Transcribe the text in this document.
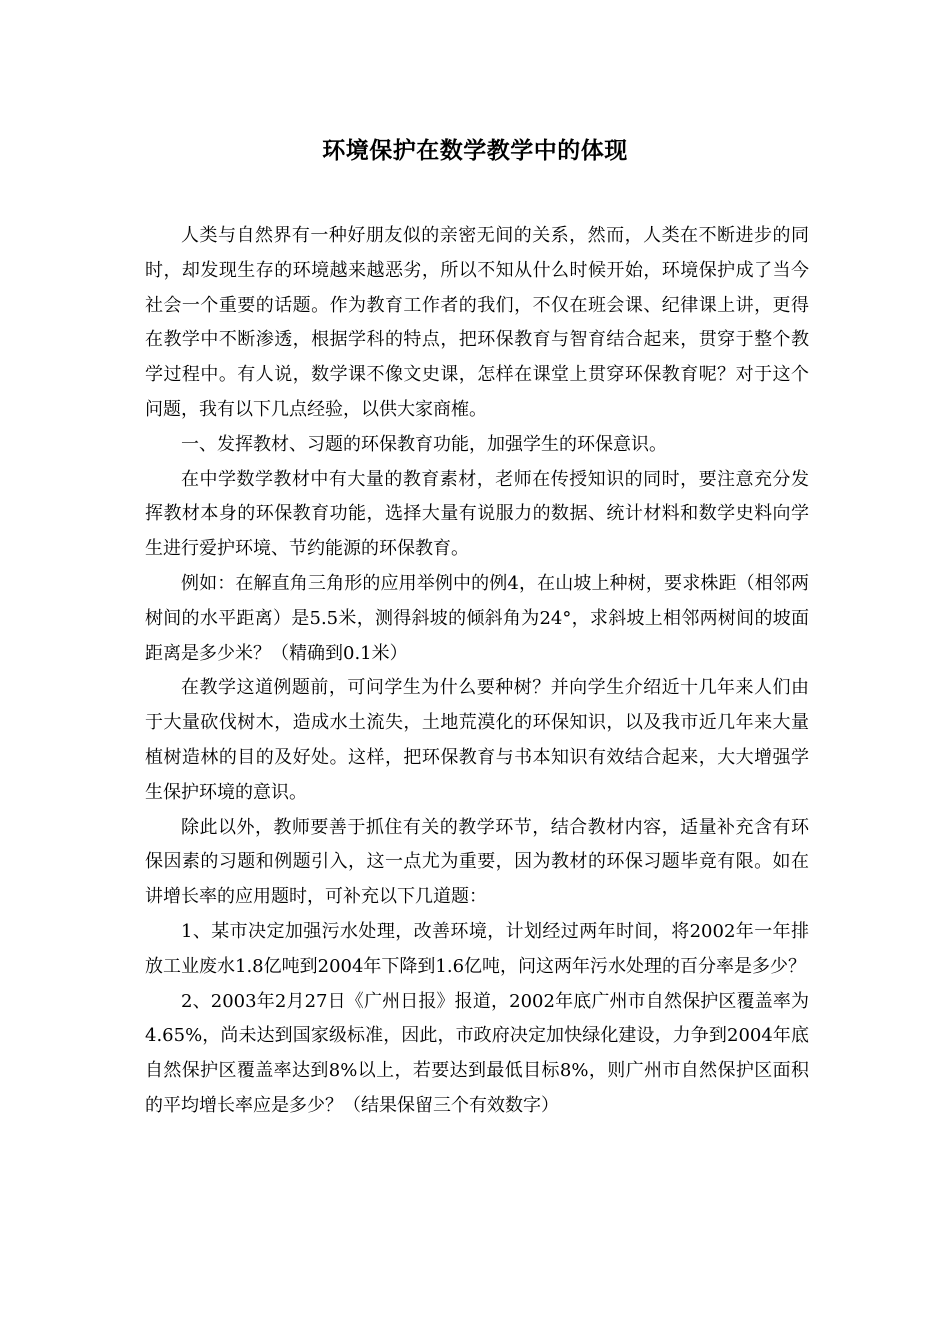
环境保护在数学教学中的体现

人类与自然界有一种好朋友似的亲密无间的关系，然而，人类在不断进步的同时，却发现生存的环境越来越恶劣，所以不知从什么时候开始，环境保护成了当今社会一个重要的话题。作为教育工作者的我们，不仅在班会课、纪律课上讲，更得在教学中不断渗透，根据学科的特点，把环保教育与智育结合起来，贯穿于整个教学过程中。有人说，数学课不像文史课，怎样在课堂上贯穿环保教育呢？对于这个问题，我有以下几点经验，以供大家商榷。

一、发挥教材、习题的环保教育功能，加强学生的环保意识。

在中学数学教材中有大量的教育素材，老师在传授知识的同时，要注意充分发挥教材本身的环保教育功能，选择大量有说服力的数据、统计材料和数学史料向学生进行爱护环境、节约能源的环保教育。

例如：在解直角三角形的应用举例中的例4，在山坡上种树，要求株距（相邻两树间的水平距离）是5.5米，测得斜坡的倾斜角为24°，求斜坡上相邻两树间的坡面距离是多少米？（精确到0.1米）

在教学这道例题前，可问学生为什么要种树？并向学生介绍近十几年来人们由于大量砍伐树木，造成水土流失，土地荒漠化的环保知识，以及我市近几年来大量植树造林的目的及好处。这样，把环保教育与书本知识有效结合起来，大大增强学生保护环境的意识。

除此以外，教师要善于抓住有关的教学环节，结合教材内容，适量补充含有环保因素的习题和例题引入，这一点尤为重要，因为教材的环保习题毕竟有限。如在讲增长率的应用题时，可补充以下几道题：

1、某市决定加强污水处理，改善环境，计划经过两年时间，将2002年一年排放工业废水1.8亿吨到2004年下降到1.6亿吨，问这两年污水处理的百分率是多少？

2、2003年2月27日《广州日报》报道，2002年底广州市自然保护区覆盖率为4.65%，尚未达到国家级标准，因此，市政府决定加快绿化建设，力争到2004年底自然保护区覆盖率达到8%以上，若要达到最低目标8%，则广州市自然保护区面积的平均增长率应是多少？（结果保留三个有效数字）
